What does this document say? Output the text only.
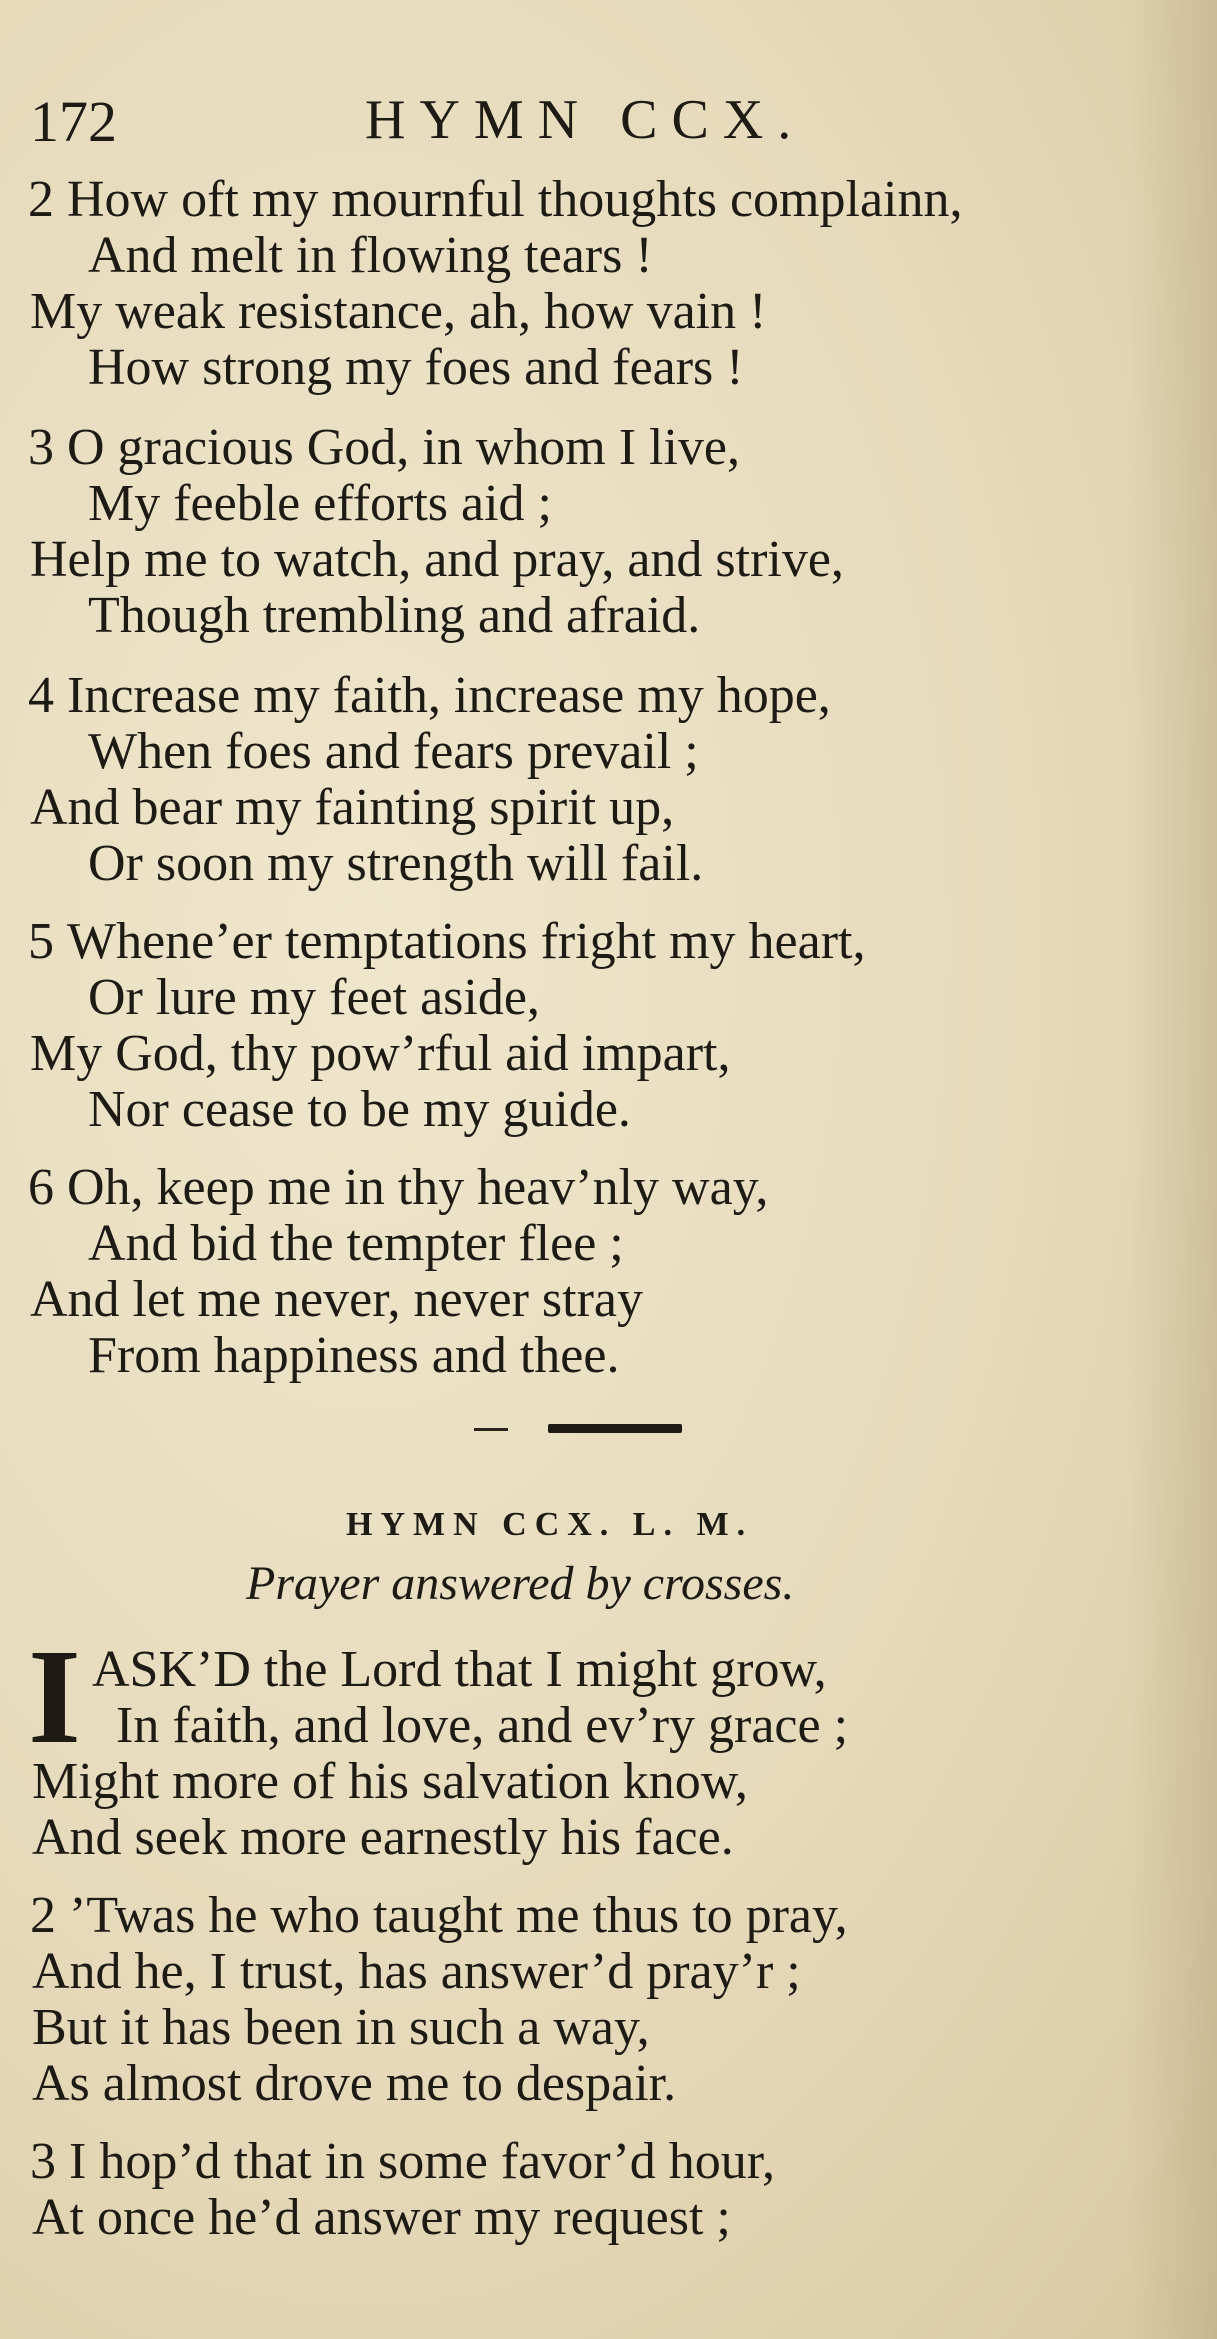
172	HYMN CCX.
2 How oft my mournful thoughts complainn,
And melt in flowing tears !
My weak resistance, ah, how vain !
How strong my foes and fears !
3 O gracious God, in whom I live,
My feeble efforts aid ;
Help me to watch, and pray, and strive,
Though trembling and afraid.
4 Increase my faith, increase my hope,
When foes and fears prevail ;
And bear my fainting spirit up,
Or soon my strength will fail.
5 Whene’er temptations fright my heart,
Or lure my feet aside,
My God, thy pow’rful aid impart,
Nor cease to be my guide.
6 Oh, keep me in thy heav’nly way,
And bid the tempter flee ;
And let me never, never stray
From happiness and thee.
HYMN CCX. L. M.
Prayer answered by crosses.
I ASK’D the Lord that I might grow,
In faith, and love, and ev’ry grace ;
Might more of his salvation know,
And seek more earnestly his face.
2 ’Twas he who taught me thus to pray,
And he, I trust, has answer’d pray’r ;
But it has been in such a way,
As almost drove me to despair.
3 I hop’d that in some favor’d hour,
At once he’d answer my request ;
